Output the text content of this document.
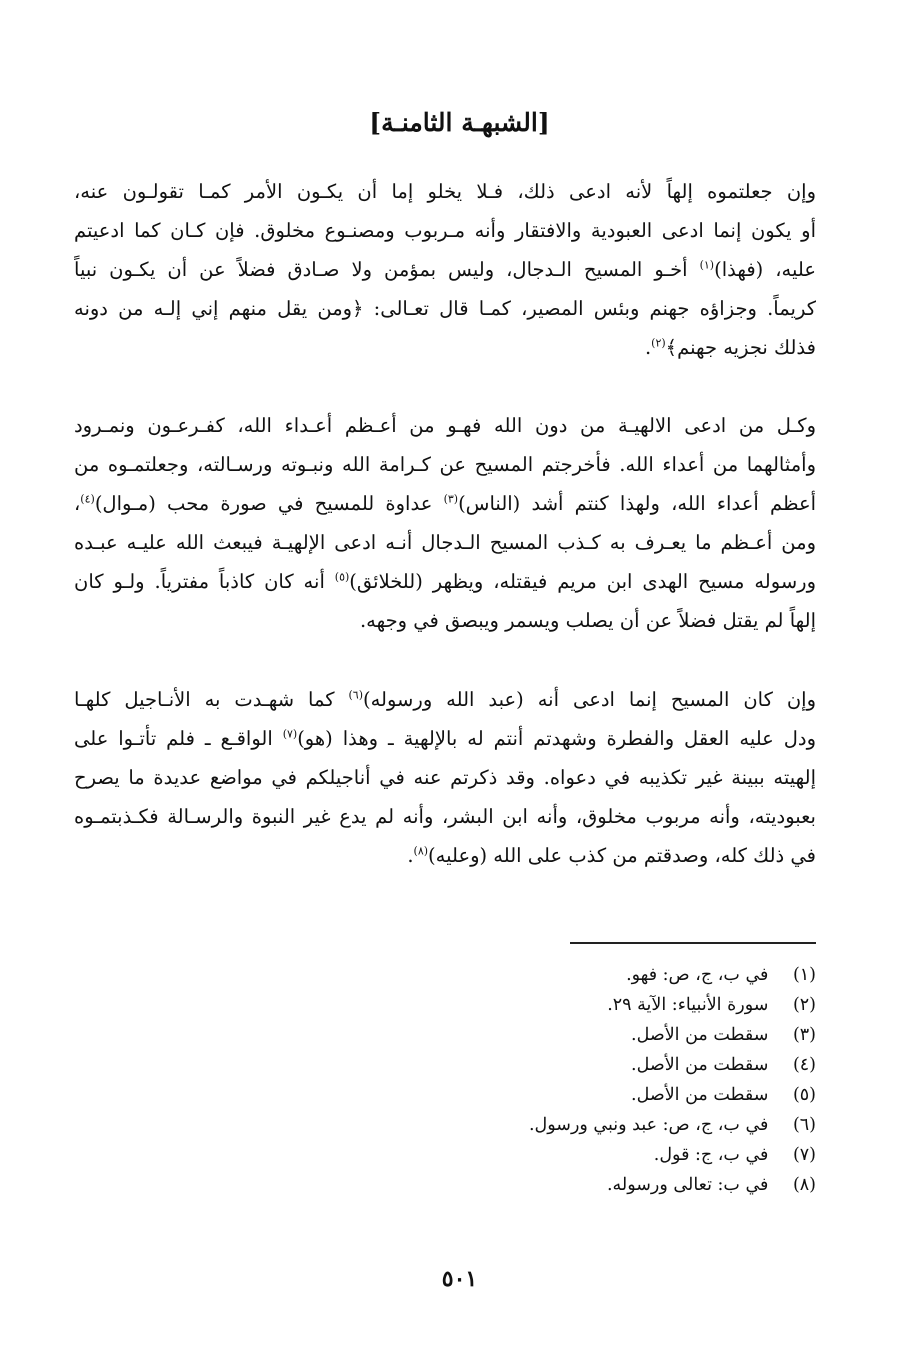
[الشبهـة الثامنـة]
وإن جعلتموه إلهاً لأنه ادعى ذلك، فـلا يخلو إما أن يكـون الأمر كمـا تقولـون عنه،
أو يكون إنما ادعى العبودية والافتقار وأنه مـربوب ومصنـوع مخلوق. فإن كـان كما ادعيتم
عليه، (فهذا)$^{(١)}$ أخـو المسيح الـدجال، وليس بمؤمن ولا صـادق فضلاً عن أن يكـون نبياً
كريماً. وجزاؤه جهنم وبئس المصير، كمـا قال تعـالى: ﴿ومن يقل منهم إني إلـه من دونه
فذلك نجزيه جهنم﴾$^{(٢)}$.
وكـل من ادعى الالهيـة من دون الله فهـو من أعـظم أعـداء الله، كفـرعـون ونمـرود
وأمثالهما من أعداء الله. فأخرجتم المسيح عن كـرامة الله ونبـوته ورسـالته، وجعلتمـوه من
أعظم أعداء الله، ولهذا كنتم أشد (الناس)$^{(٣)}$ عداوة للمسيح في صورة محب (مـوال)$^{(٤)}$،
ومن أعـظم ما يعـرف به كـذب المسيح الـدجال أنـه ادعى الإلهيـة فيبعث الله عليـه عبـده
ورسوله مسيح الهدى ابن مريم فيقتله، ويظهر (للخلائق)$^{(٥)}$ أنه كان كاذباً مفترياً. ولـو كان
إلهاً لم يقتل فضلاً عن أن يصلب ويسمر ويبصق في وجهه.
وإن كان المسيح إنما ادعى أنه (عبد الله ورسوله)$^{(٦)}$ كما شهـدت به الأنـاجيل كلهـا
ودل عليه العقل والفطرة وشهدتم أنتم له بالإلهية ـ وهذا (هو)$^{(٧)}$ الواقـع ـ فلم تأتـوا على
إلهيته ببينة غير تكذيبه في دعواه. وقد ذكرتم عنه في أناجيلكم في مواضع عديدة ما يصرح
بعبوديته، وأنه مربوب مخلوق، وأنه ابن البشر، وأنه لم يدع غير النبوة والرسـالة فكـذبتمـوه
في ذلك كله، وصدقتم من كذب على الله (وعليه)$^{(٨)}$.
(١) في ب، ج، ص: فهو.
(٢) سورة الأنبياء: الآية ٢٩.
(٣) سقطت من الأصل.
(٤) سقطت من الأصل.
(٥) سقطت من الأصل.
(٦) في ب، ج، ص: عبد ونبي ورسول.
(٧) في ب، ج: قول.
(٨) في ب: تعالى ورسوله.
٥٠١
